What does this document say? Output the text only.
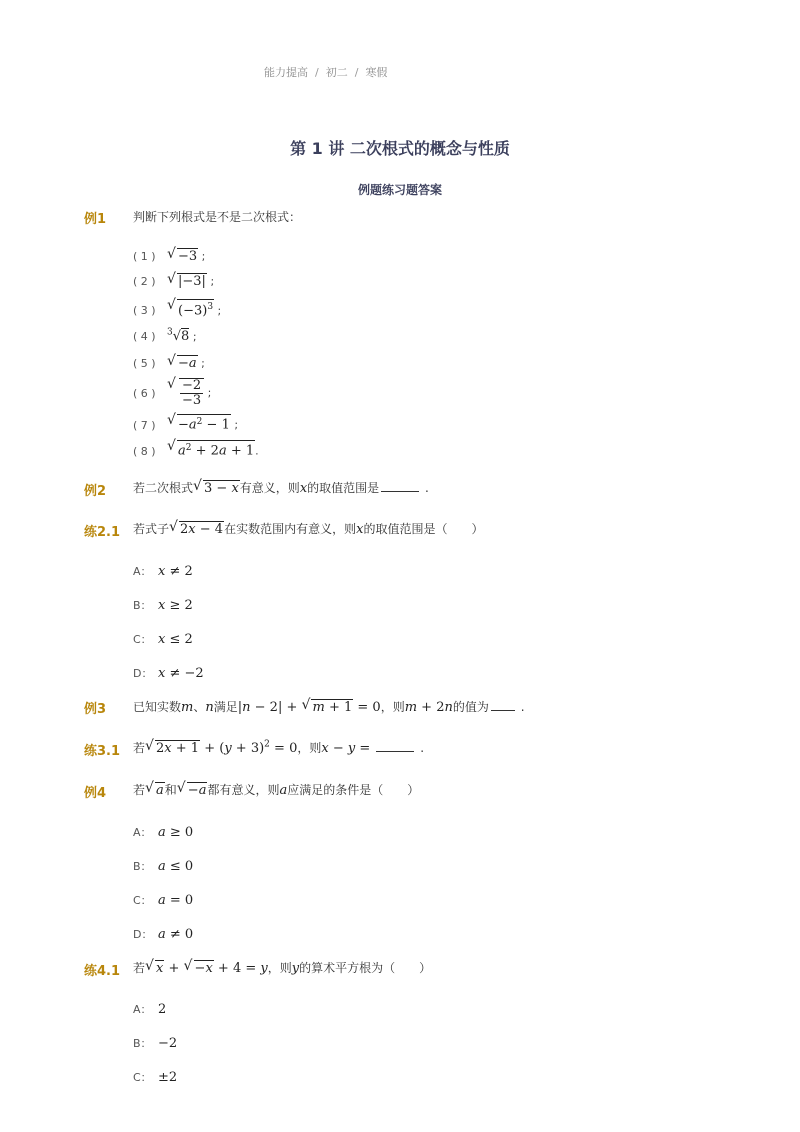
能力提高 / 初二 / 寒假
第 1 讲 二次根式的概念与性质
例题练习题答案
例1 判断下列根式是不是二次根式：
( 1 ) √ −3 ;
( 2 ) √ |−3| ;
( 3 ) √ $(-3)^3$ ;
( 4 ) $^3$√8 ;
( 5 ) √ −a ;
( 6 ) √ $\frac{-2}{-3}$ ;
( 7 ) √ $-a^2 - 1$ ;
( 8 ) √ $a^2 + 2a + 1$.
例2 若二次根式 √ 3 − x有意义，则x的取值范围是	.
练2.1 若式子 √ 2x − 4在实数范围内有意义，则x的取值范围是（　　）
A： x ≠ 2
B： x ≥ 2
C： x ≤ 2
D： x ≠ −2
例3 已知实数m、n满足|n − 2| + √ m + 1 = 0，则m + 2n的值为	.
练3.1 若 √ $2x + 1 + (y + 3)^2 = 0$，则x − y =	.
例4 若 √ a和 √ −a都有意义，则a应满足的条件是（　　）
A： a ≥ 0
B： a ≤ 0
C： a = 0
D： a ≠ 0
练4.1 若 √ x + √ −x + 4 = y，则y的算术平方根为（　　）
A： 2
B： −2
C： ±2
